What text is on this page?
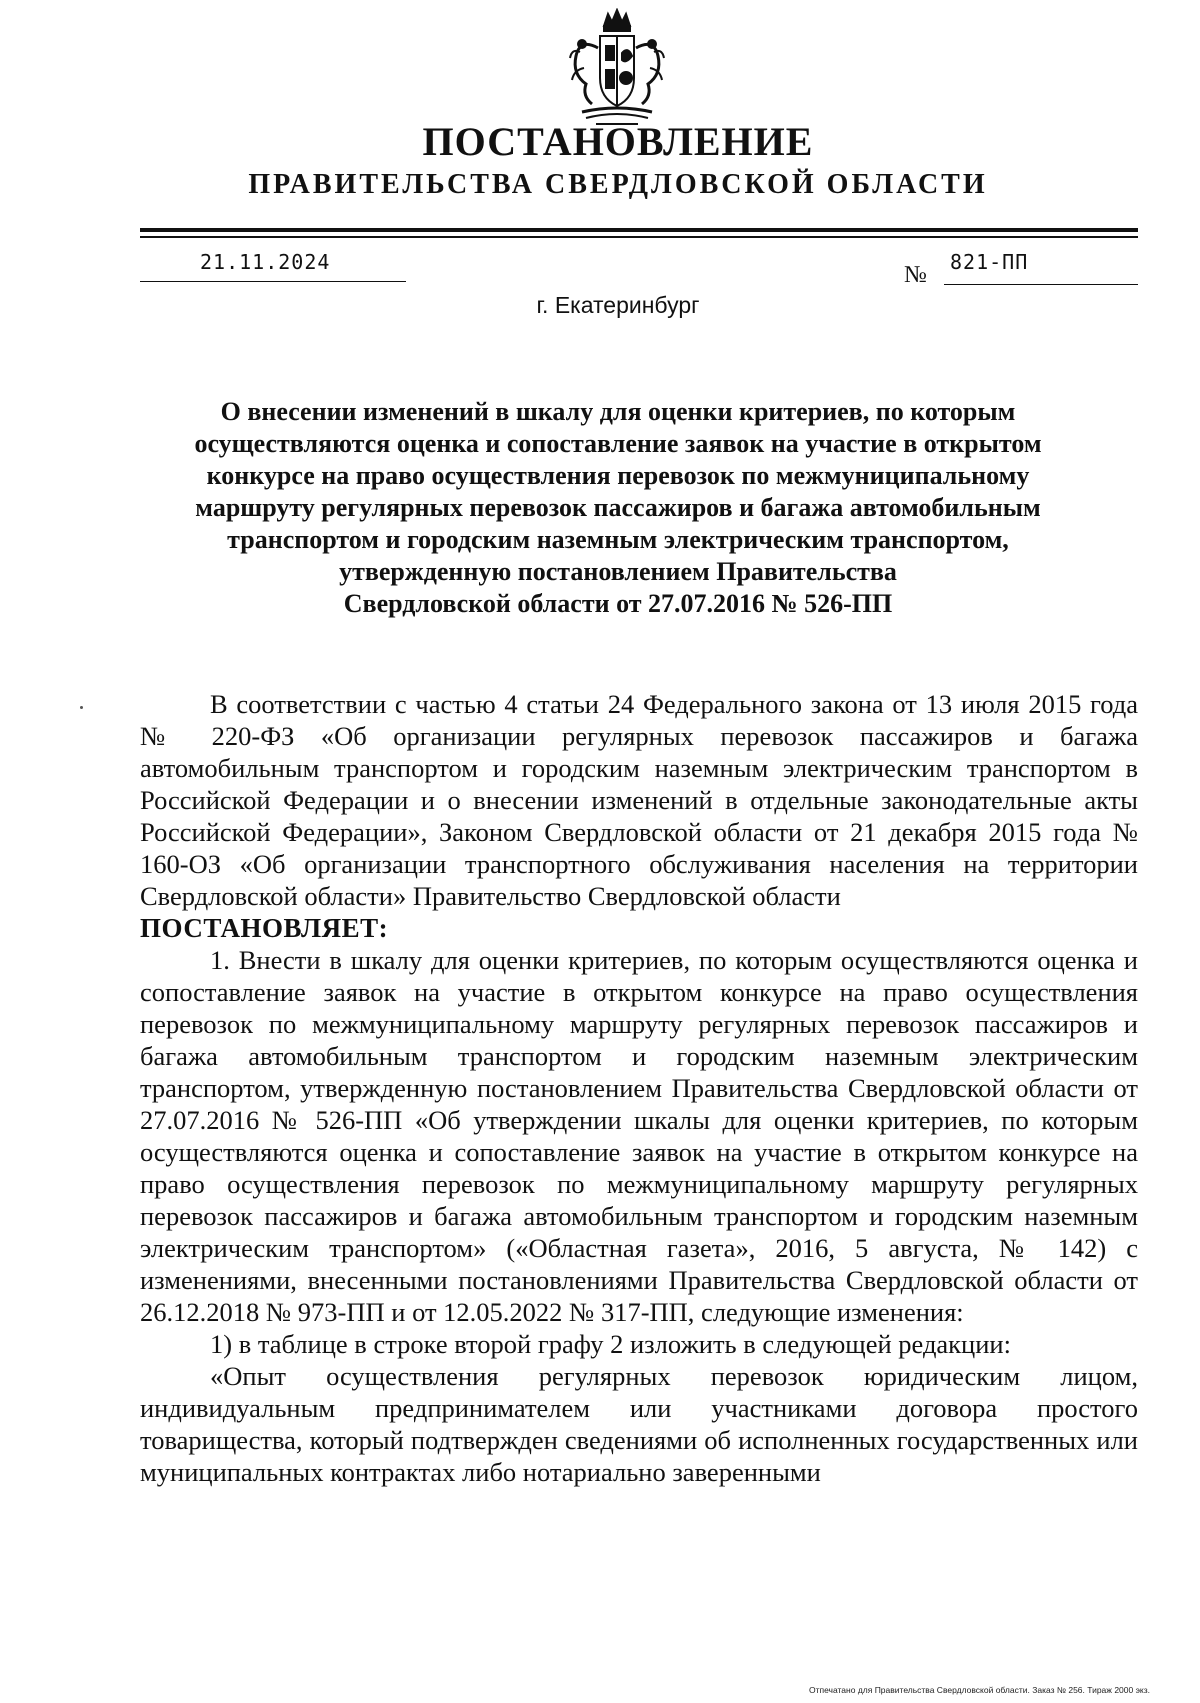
ПОСТАНОВЛЕНИЕ
ПРАВИТЕЛЬСТВА СВЕРДЛОВСКОЙ ОБЛАСТИ
21.11.2024	№ 821-ПП
г. Екатеринбург
О внесении изменений в шкалу для оценки критериев, по которым
осуществляются оценка и сопоставление заявок на участие в открытом
конкурсе на право осуществления перевозок по межмуниципальному
маршруту регулярных перевозок пассажиров и багажа автомобильным
транспортом и городским наземным электрическим транспортом,
утвержденную постановлением Правительства
Свердловской области от 27.07.2016 № 526-ПП

В соответствии с частью 4 статьи 24 Федерального закона от 13 июля 2015 года № 220-ФЗ «Об организации регулярных перевозок пассажиров и багажа автомобильным транспортом и городским наземным электрическим транспортом в Российской Федерации и о внесении изменений в отдельные законодательные акты Российской Федерации», Законом Свердловской области от 21 декабря 2015 года № 160-ОЗ «Об организации транспортного обслуживания населения на территории Свердловской области» Правительство Свердловской области

ПОСТАНОВЛЯЕТ:

1. Внести в шкалу для оценки критериев, по которым осуществляются оценка и сопоставление заявок на участие в открытом конкурсе на право осуществления перевозок по межмуниципальному маршруту регулярных перевозок пассажиров и багажа автомобильным транспортом и городским наземным электрическим транспортом, утвержденную постановлением Правительства Свердловской области от 27.07.2016 № 526-ПП «Об утверждении шкалы для оценки критериев, по которым осуществляются оценка и сопоставление заявок на участие в открытом конкурсе на право осуществления перевозок по межмуниципальному маршруту регулярных перевозок пассажиров и багажа автомобильным транспортом и городским наземным электрическим транспортом» («Областная газета», 2016, 5 августа, № 142) с изменениями, внесенными постановлениями Правительства Свердловской области от 26.12.2018 № 973-ПП и от 12.05.2022 № 317-ПП, следующие изменения:

1) в таблице в строке второй графу 2 изложить в следующей редакции:

«Опыт осуществления регулярных перевозок юридическим лицом, индивидуальным предпринимателем или участниками договора простого товарищества, который подтвержден сведениями об исполненных государственных или муниципальных контрактах либо нотариально заверенными

Отпечатано для Правительства Свердловской области. Заказ № 256. Тираж 2000 экз.
